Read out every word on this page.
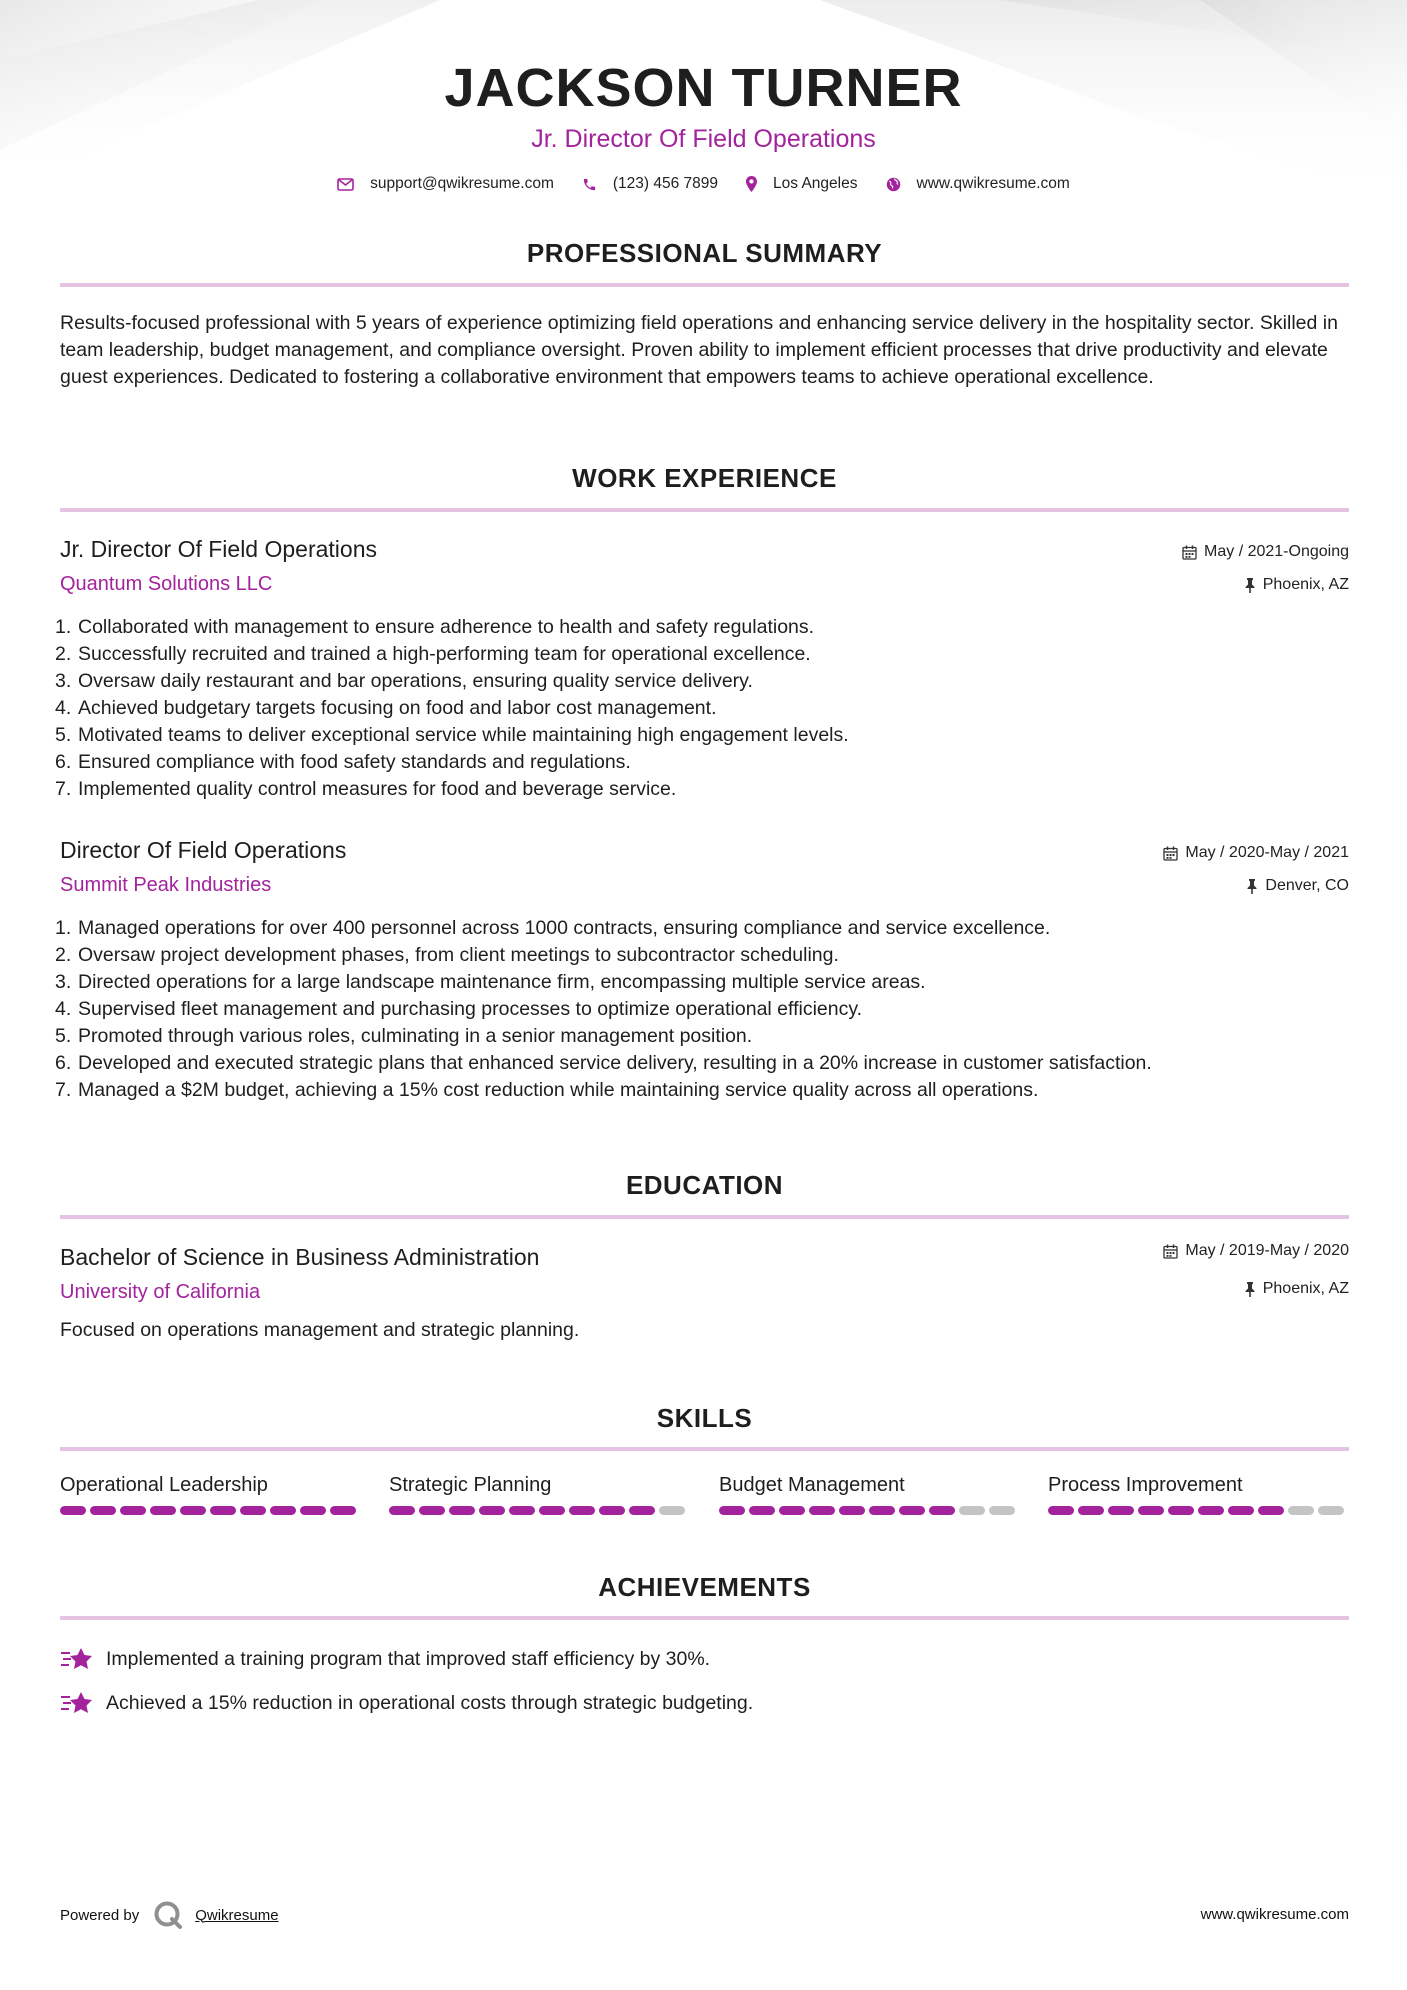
JACKSON TURNER
Jr. Director Of Field Operations
support@qwikresume.com	(123) 456 7899	Los Angeles	www.qwikresume.com
PROFESSIONAL SUMMARY
Results-focused professional with 5 years of experience optimizing field operations and enhancing service delivery in the hospitality sector. Skilled in team leadership, budget management, and compliance oversight. Proven ability to implement efficient processes that drive productivity and elevate guest experiences. Dedicated to fostering a collaborative environment that empowers teams to achieve operational excellence.
WORK EXPERIENCE
Jr. Director Of Field Operations
Quantum Solutions LLC
May / 2021-Ongoing
Phoenix, AZ
1. Collaborated with management to ensure adherence to health and safety regulations.
2. Successfully recruited and trained a high-performing team for operational excellence.
3. Oversaw daily restaurant and bar operations, ensuring quality service delivery.
4. Achieved budgetary targets focusing on food and labor cost management.
5. Motivated teams to deliver exceptional service while maintaining high engagement levels.
6. Ensured compliance with food safety standards and regulations.
7. Implemented quality control measures for food and beverage service.
Director Of Field Operations
Summit Peak Industries
May / 2020-May / 2021
Denver, CO
1. Managed operations for over 400 personnel across 1000 contracts, ensuring compliance and service excellence.
2. Oversaw project development phases, from client meetings to subcontractor scheduling.
3. Directed operations for a large landscape maintenance firm, encompassing multiple service areas.
4. Supervised fleet management and purchasing processes to optimize operational efficiency.
5. Promoted through various roles, culminating in a senior management position.
6. Developed and executed strategic plans that enhanced service delivery, resulting in a 20% increase in customer satisfaction.
7. Managed a $2M budget, achieving a 15% cost reduction while maintaining service quality across all operations.
EDUCATION
Bachelor of Science in Business Administration
University of California
May / 2019-May / 2020
Phoenix, AZ
Focused on operations management and strategic planning.
SKILLS
Operational Leadership	Strategic Planning	Budget Management	Process Improvement
ACHIEVEMENTS
Implemented a training program that improved staff efficiency by 30%.
Achieved a 15% reduction in operational costs through strategic budgeting.
Powered by	Qwikresume	www.qwikresume.com
